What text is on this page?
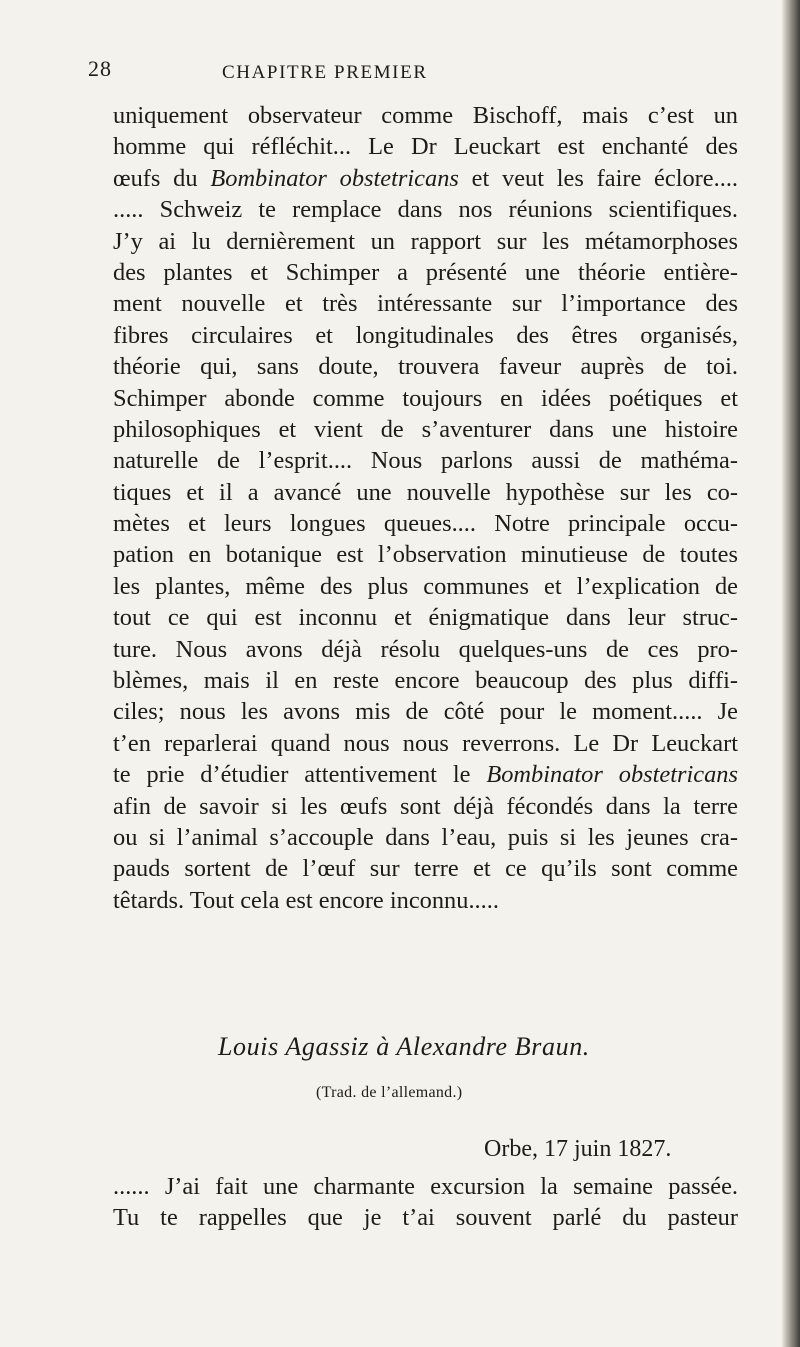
28	CHAPITRE PREMIER
uniquement observateur comme Bischoff, mais c’est un
homme qui réfléchit... Le Dr Leuckart est enchanté des
œufs du Bombinator obstetricans et veut les faire éclore....
..... Schweiz te remplace dans nos réunions scientifiques.
J’y ai lu dernièrement un rapport sur les métamorphoses
des plantes et Schimper a présenté une théorie entière-
ment nouvelle et très intéressante sur l’importance des
fibres circulaires et longitudinales des êtres organisés,
théorie qui, sans doute, trouvera faveur auprès de toi.
Schimper abonde comme toujours en idées poétiques et
philosophiques et vient de s’aventurer dans une histoire
naturelle de l’esprit.... Nous parlons aussi de mathéma-
tiques et il a avancé une nouvelle hypothèse sur les co-
mètes et leurs longues queues.... Notre principale occu-
pation en botanique est l’observation minutieuse de toutes
les plantes, même des plus communes et l’explication de
tout ce qui est inconnu et énigmatique dans leur struc-
ture. Nous avons déjà résolu quelques-uns de ces pro-
blèmes, mais il en reste encore beaucoup des plus diffi-
ciles; nous les avons mis de côté pour le moment..... Je
t’en reparlerai quand nous nous reverrons. Le Dr Leuckart
te prie d’étudier attentivement le Bombinator obstetricans
afin de savoir si les œufs sont déjà fécondés dans la terre
ou si l’animal s’accouple dans l’eau, puis si les jeunes cra-
pauds sortent de l’œuf sur terre et ce qu’ils sont comme
têtards. Tout cela est encore inconnu.....
Louis Agassiz à Alexandre Braun.
(Trad. de l’allemand.)
Orbe, 17 juin 1827.
...... J’ai fait une charmante excursion la semaine passée.
Tu te rappelles que je t’ai souvent parlé du pasteur
